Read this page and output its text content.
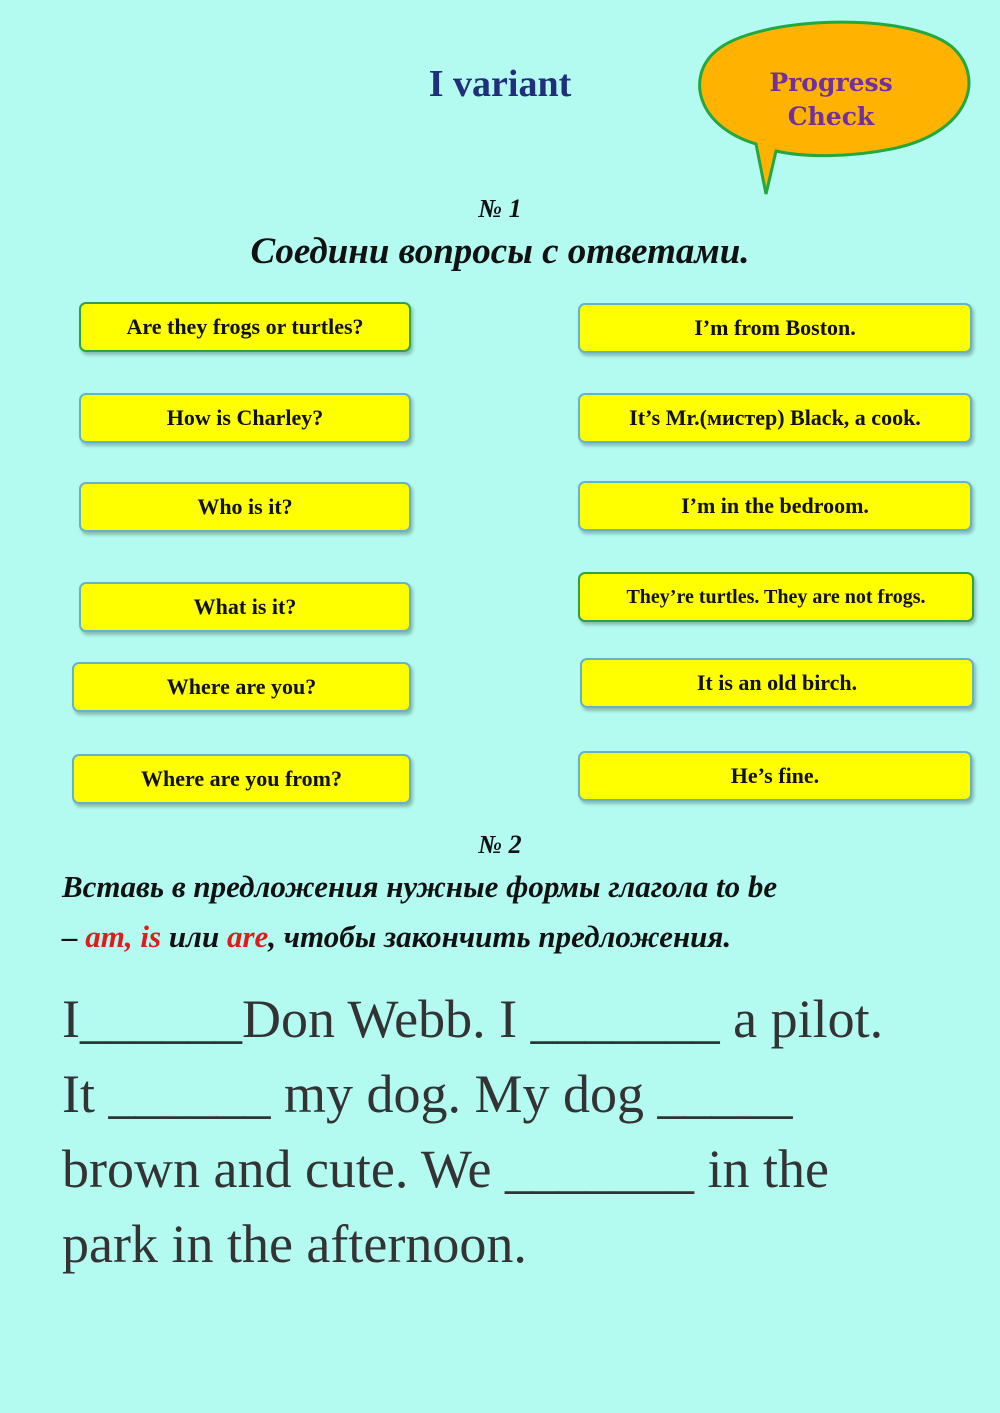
I variant	Progress
Check
№ 1
Соедини вопросы с ответами.
Are they frogs or turtles?
How is Charley?
Who is it?
What is it?
Where are you?
Where are you from?
I’m from Boston.
It’s Mr.(мистер) Black, a cook.
I’m in the bedroom.
They’re turtles. They are not frogs.
It is an old birch.
He’s fine.
№ 2
Вставь в предложения нужные формы глагола to be
– am, is или are, чтобы закончить предложения.
I______Don Webb. I _______ a pilot.
It ______ my dog. My dog _____
brown and cute. We _______ in the
park in the afternoon.
